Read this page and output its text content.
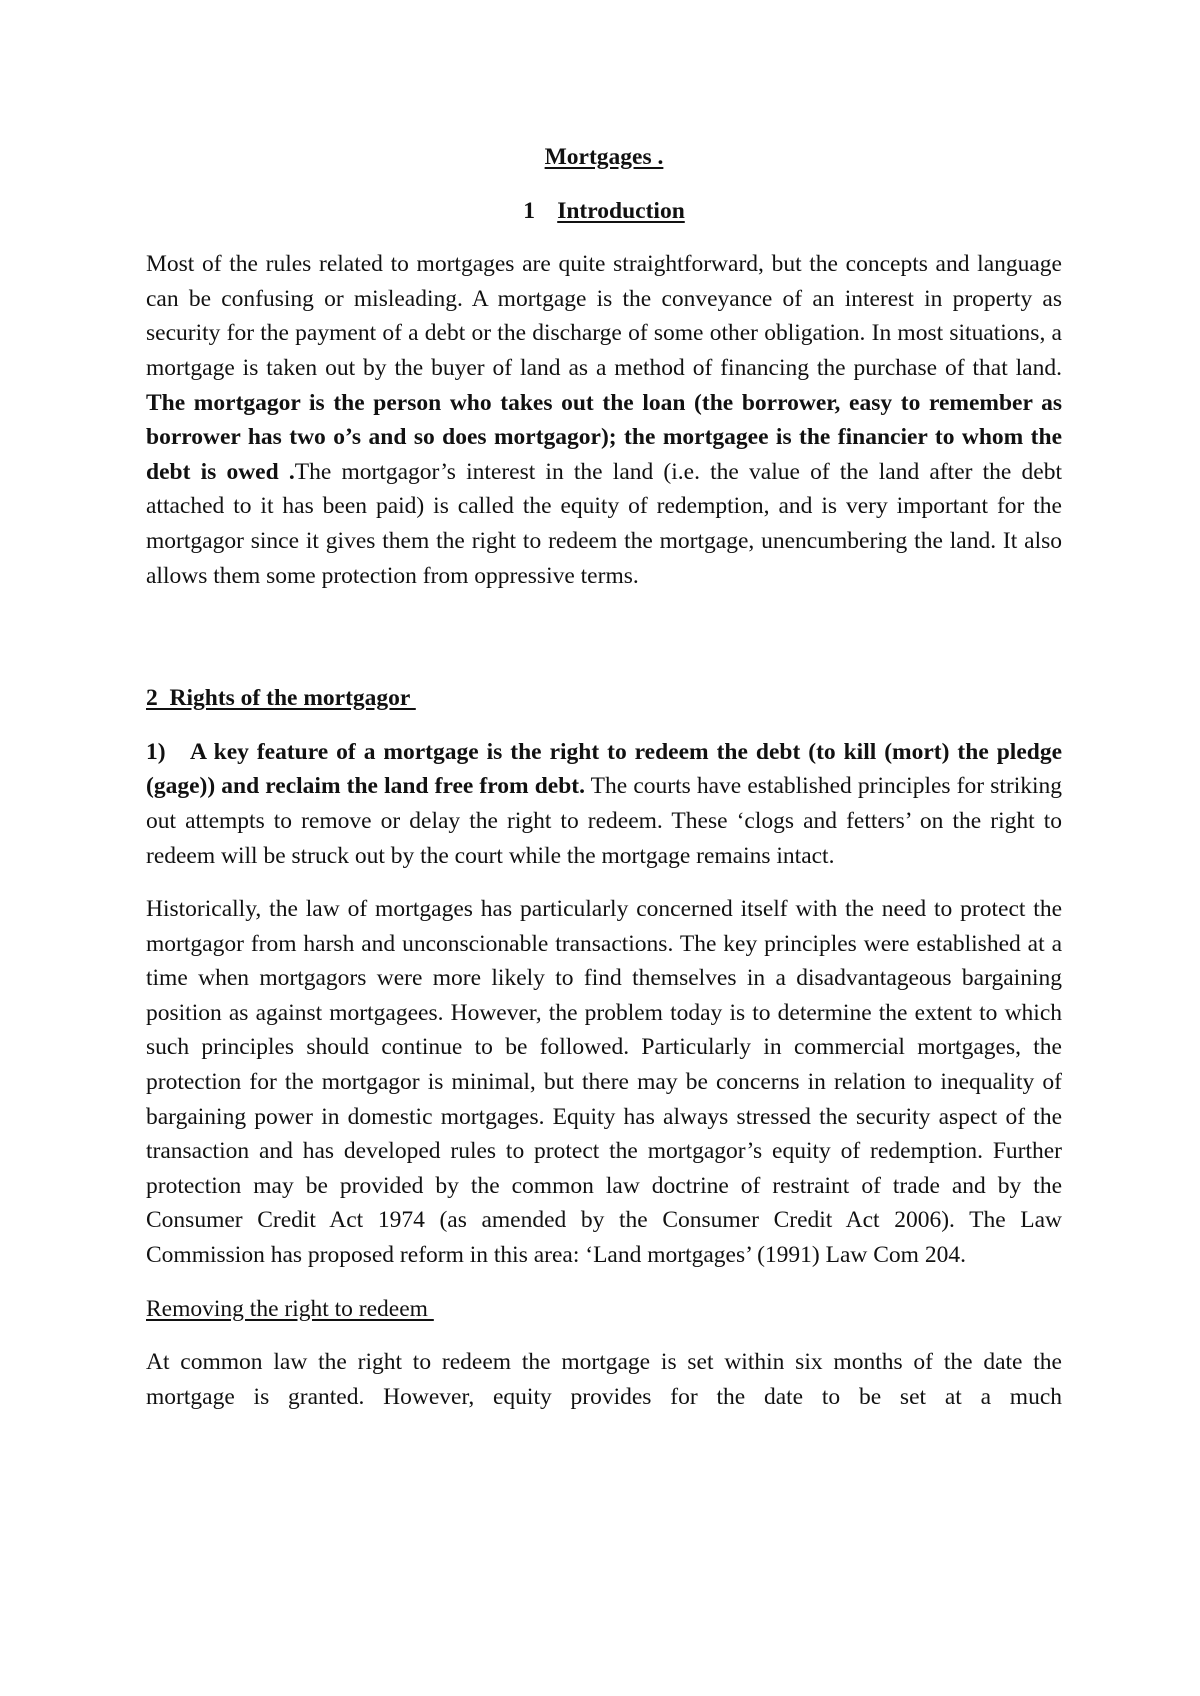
Mortgages .
1 Introduction

Most of the rules related to mortgages are quite straightforward, but the concepts and language can be confusing or misleading. A mortgage is the conveyance of an interest in property as security for the payment of a debt or the discharge of some other obligation. In most situations, a mortgage is taken out by the buyer of land as a method of financing the purchase of that land. The mortgagor is the person who takes out the loan (the borrower, easy to remember as borrower has two o’s and so does mortgagor); the mortgagee is the financier to whom the debt is owed .The mortgagor’s interest in the land (i.e. the value of the land after the debt attached to it has been paid) is called the equity of redemption, and is very important for the mortgagor since it gives them the right to redeem the mortgage, unencumbering the land. It also allows them some protection from oppressive terms.

2  Rights of the mortgagor

1) A key feature of a mortgage is the right to redeem the debt (to kill (mort) the pledge (gage)) and reclaim the land free from debt. The courts have established principles for striking out attempts to remove or delay the right to redeem. These ‘clogs and fetters’ on the right to redeem will be struck out by the court while the mortgage remains intact.

Historically, the law of mortgages has particularly concerned itself with the need to protect the mortgagor from harsh and unconscionable transactions. The key principles were established at a time when mortgagors were more likely to find themselves in a disadvantageous bargaining position as against mortgagees. However, the problem today is to determine the extent to which such principles should continue to be followed. Particularly in commercial mortgages, the protection for the mortgagor is minimal, but there may be concerns in relation to inequality of bargaining power in domestic mortgages. Equity has always stressed the security aspect of the transaction and has developed rules to protect the mortgagor’s equity of redemption. Further protection may be provided by the common law doctrine of restraint of trade and by the Consumer Credit Act 1974 (as amended by the Consumer Credit Act 2006). The Law Commission has proposed reform in this area: ‘Land mortgages’ (1991) Law Com 204.

Removing the right to redeem

At common law the right to redeem the mortgage is set within six months of the date the mortgage is granted. However, equity provides for the date to be set at a much
